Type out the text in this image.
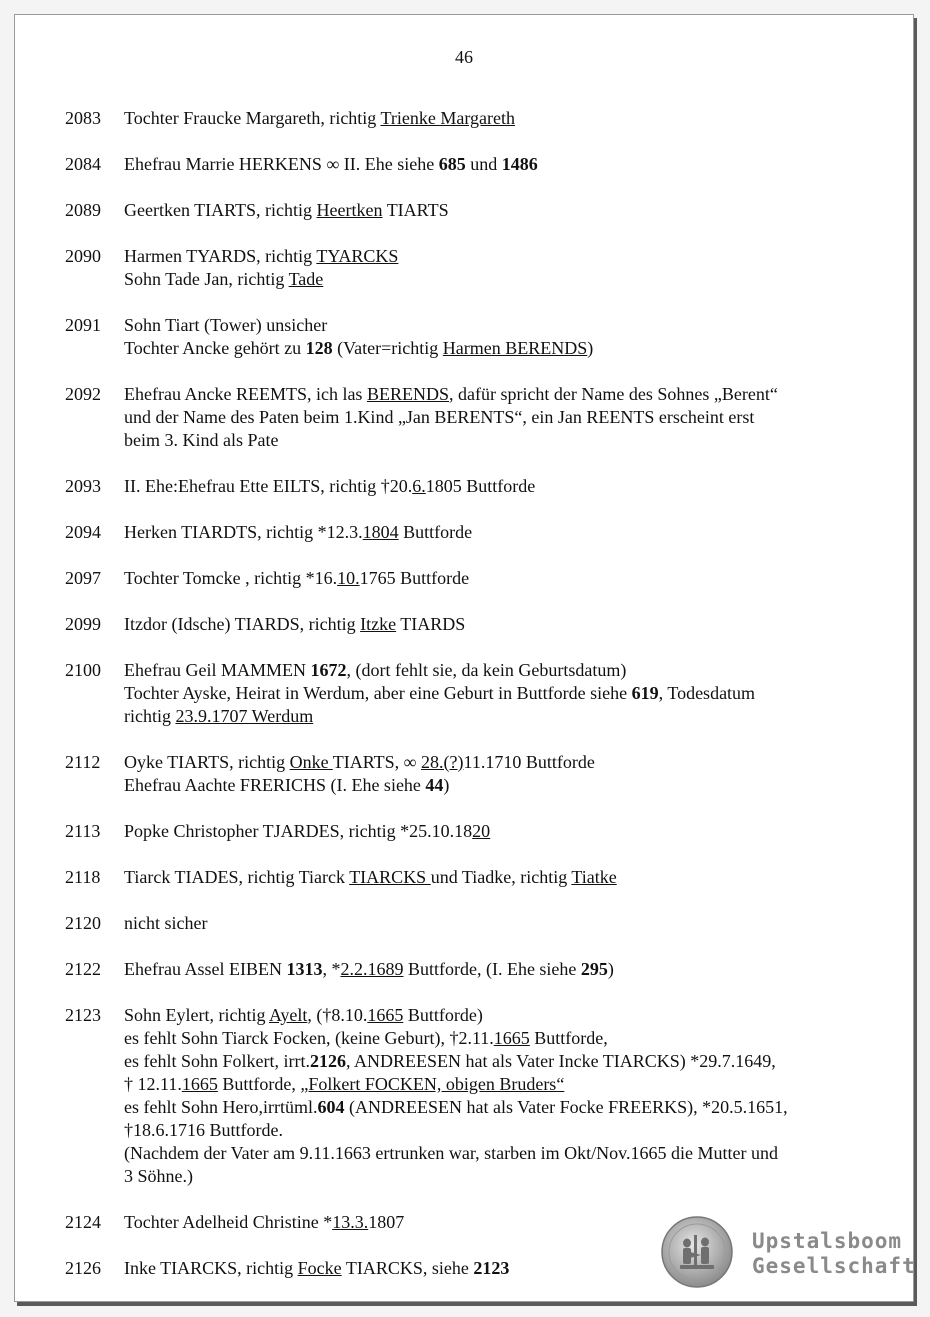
46
2083	Tochter Fraucke Margareth, richtig Trienke Margareth
2084	Ehefrau Marrie HERKENS ∞ II. Ehe siehe 685 und 1486
2089	Geertken TIARTS, richtig Heertken TIARTS
2090	Harmen TYARDS, richtig TYARCKS
Sohn Tade Jan, richtig Tade
2091	Sohn Tiart (Tower) unsicher
Tochter Ancke gehört zu 128 (Vater=richtig Harmen BERENDS)
2092	Ehefrau Ancke REEMTS, ich las BERENDS, dafür spricht der Name des Sohnes „Berent“
und der Name des Paten beim 1.Kind „Jan BERENTS“, ein Jan REENTS erscheint erst
beim 3. Kind als Pate
2093	II. Ehe:Ehefrau Ette EILTS, richtig †20.6.1805 Buttforde
2094	Herken TIARDTS, richtig *12.3.1804 Buttforde
2097	Tochter Tomcke , richtig *16.10.1765 Buttforde
2099	Itzdor (Idsche) TIARDS, richtig Itzke TIARDS
2100	Ehefrau Geil MAMMEN 1672, (dort fehlt sie, da kein Geburtsdatum)
Tochter Ayske, Heirat in Werdum, aber eine Geburt in Buttforde siehe 619, Todesdatum
richtig 23.9.1707 Werdum
2112	Oyke TIARTS, richtig Onke TIARTS, ∞ 28.(?)11.1710 Buttforde
Ehefrau Aachte FRERICHS (I. Ehe siehe 44)
2113	Popke Christopher TJARDES, richtig *25.10.1820
2118	Tiarck TIADES, richtig Tiarck TIARCKS und Tiadke, richtig Tiatke
2120	nicht sicher
2122	Ehefrau Assel EIBEN 1313, *2.2.1689 Buttforde, (I. Ehe siehe 295)
2123	Sohn Eylert, richtig Ayelt, (†8.10.1665 Buttforde)
es fehlt Sohn Tiarck Focken, (keine Geburt), †2.11.1665 Buttforde,
es fehlt Sohn Folkert, irrt.2126, ANDREESEN hat als Vater Incke TIARCKS) *29.7.1649,
† 12.11.1665 Buttforde, „Folkert FOCKEN, obigen Bruders“
es fehlt Sohn Hero,irrtüml.604 (ANDREESEN hat als Vater Focke FREERKS), *20.5.1651,
†18.6.1716 Buttforde.
(Nachdem der Vater am 9.11.1663 ertrunken war, starben im Okt/Nov.1665 die Mutter und
3 Söhne.)
2124	Tochter Adelheid Christine *13.3.1807
2126	Inke TIARCKS, richtig Focke TIARCKS, siehe 2123
Upstalsboom
Gesellschaft
